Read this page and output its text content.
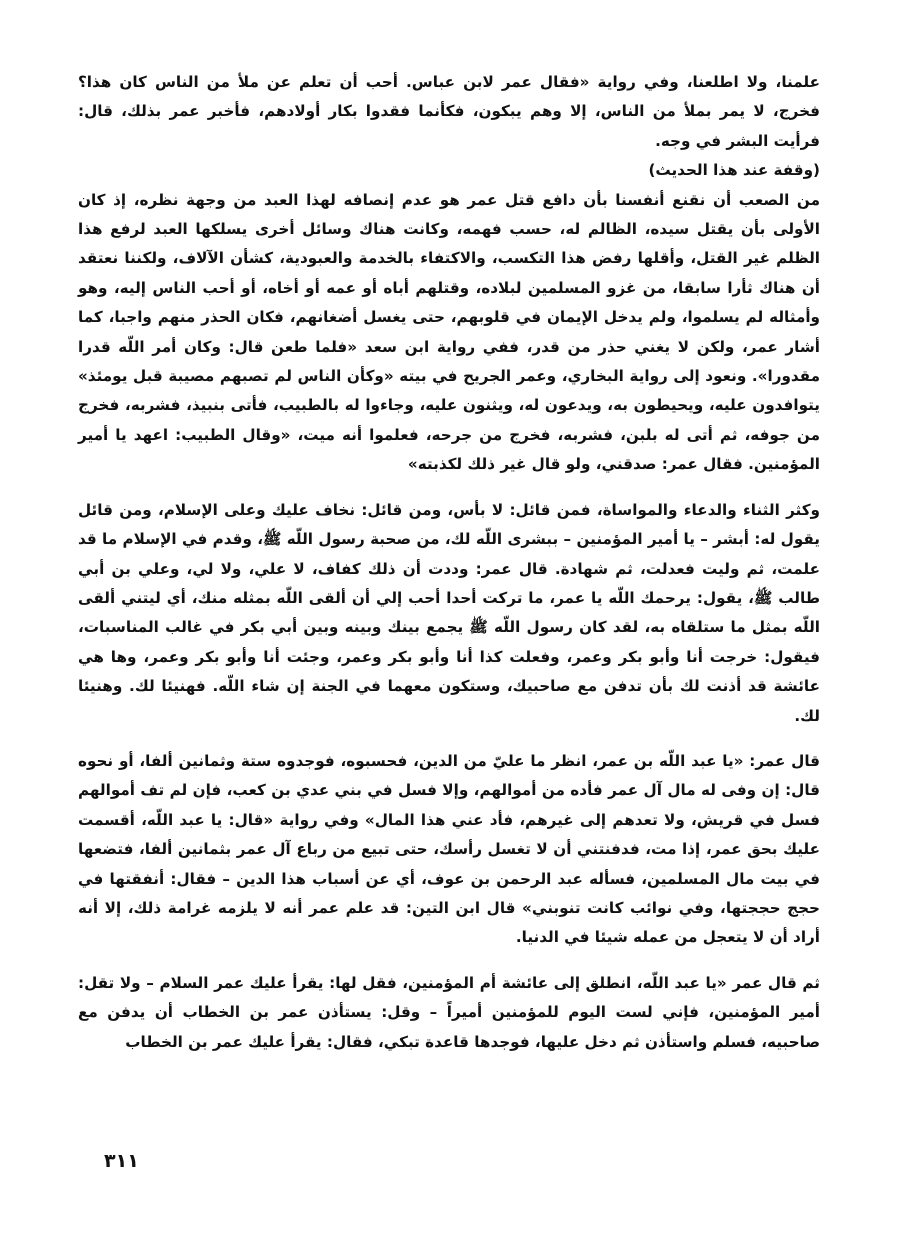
علمنا، ولا اطلعنا، وفي رواية «فقال عمر لابن عباس. أحب أن تعلم عن ملأ من الناس كان هذا؟ فخرج، لا يمر بملأ من الناس، إلا وهم يبكون، فكأنما فقدوا بكار أولادهم، فأخبر عمر بذلك، قال: فرأيت البشر في وجه.

(وقفة عند هذا الحديث)

من الصعب أن نقنع أنفسنا بأن دافع قتل عمر هو عدم إنصافه لهذا العبد من وجهة نظره، إذ كان الأولى بأن يقتل سيده، الظالم له، حسب فهمه، وكانت هناك وسائل أخرى يسلكها العبد لرفع هذا الظلم غير القتل، وأقلها رفض هذا التكسب، والاكتفاء بالخدمة والعبودية، كشأن الآلاف، ولكننا نعتقد أن هناك ثأرا سابقا، من غزو المسلمين لبلاده، وقتلهم أباه أو عمه أو أخاه، أو أحب الناس إليه، وهو وأمثاله لم يسلموا، ولم يدخل الإيمان في قلوبهم، حتى يغسل أضغانهم، فكان الحذر منهم واجبا، كما أشار عمر، ولكن لا يغني حذر من قدر، ففي رواية ابن سعد «فلما طعن قال: وكان أمر اللّه قدرا مقدورا». ونعود إلى رواية البخاري، وعمر الجريح في بيته «وكأن الناس لم تصبهم مصيبة قبل يومئذ» يتوافدون عليه، ويحيطون به، ويدعون له، ويثنون عليه، وجاءوا له بالطبيب، فأتى بنبيذ، فشربه، فخرج من جوفه، ثم أتى له بلبن، فشربه، فخرج من جرحه، فعلموا أنه ميت، «وقال الطبيب: اعهد يا أمير المؤمنين. فقال عمر: صدقني، ولو قال غير ذلك لكذبته»

وكثر الثناء والدعاء والمواساة، فمن قائل: لا بأس، ومن قائل: نخاف عليك وعلى الإسلام، ومن قائل يقول له: أبشر – يا أمير المؤمنين – ببشرى اللّه لك، من صحبة رسول اللّه ﷺ، وقدم في الإسلام ما قد علمت، ثم وليت فعدلت، ثم شهادة. قال عمر: وددت أن ذلك كفاف، لا علي، ولا لي، وعلي بن أبي طالب ﷺ، يقول: يرحمك اللّه يا عمر، ما تركت أحدا أحب إلي أن ألقى اللّه بمثله منك، أي ليتني ألقى اللّه بمثل ما ستلقاه به، لقد كان رسول اللّه ﷺ يجمع بينك وبينه وبين أبي بكر في غالب المناسبات، فيقول: خرجت أنا وأبو بكر وعمر، وفعلت كذا أنا وأبو بكر وعمر، وجئت أنا وأبو بكر وعمر، وها هي عائشة قد أذنت لك بأن تدفن مع صاحبيك، وستكون معهما في الجنة إن شاء اللّه. فهنيئا لك. وهنيئا لك.

قال عمر: «يا عبد اللّه بن عمر، انظر ما عليّ من الدين، فحسبوه، فوجدوه ستة وثمانين ألفا، أو نحوه قال: إن وفى له مال آل عمر فأده من أموالهم، وإلا فسل في بني عدي بن كعب، فإن لم تف أموالهم فسل في قريش، ولا تعدهم إلى غيرهم، فأد عني هذا المال» وفي رواية «قال: يا عبد اللّه، أقسمت عليك بحق عمر، إذا مت، فدفنتني أن لا تغسل رأسك، حتى تبيع من رباع آل عمر بثمانين ألفا، فتضعها في بيت مال المسلمين، فسأله عبد الرحمن بن عوف، أي عن أسباب هذا الدين – فقال: أنفقتها في حجج حججتها، وفي نوائب كانت تنوبني» قال ابن التين: قد علم عمر أنه لا يلزمه غرامة ذلك، إلا أنه أراد أن لا يتعجل من عمله شيئا في الدنيا.

ثم قال عمر «يا عبد اللّه، انطلق إلى عائشة أم المؤمنين، فقل لها: يقرأ عليك عمر السلام – ولا تقل: أمير المؤمنين، فإني لست اليوم للمؤمنين أميراً – وقل: يستأذن عمر بن الخطاب أن يدفن مع صاحبيه، فسلم واستأذن ثم دخل عليها، فوجدها قاعدة تبكي، فقال: يقرأ عليك عمر بن الخطاب

٣١١
